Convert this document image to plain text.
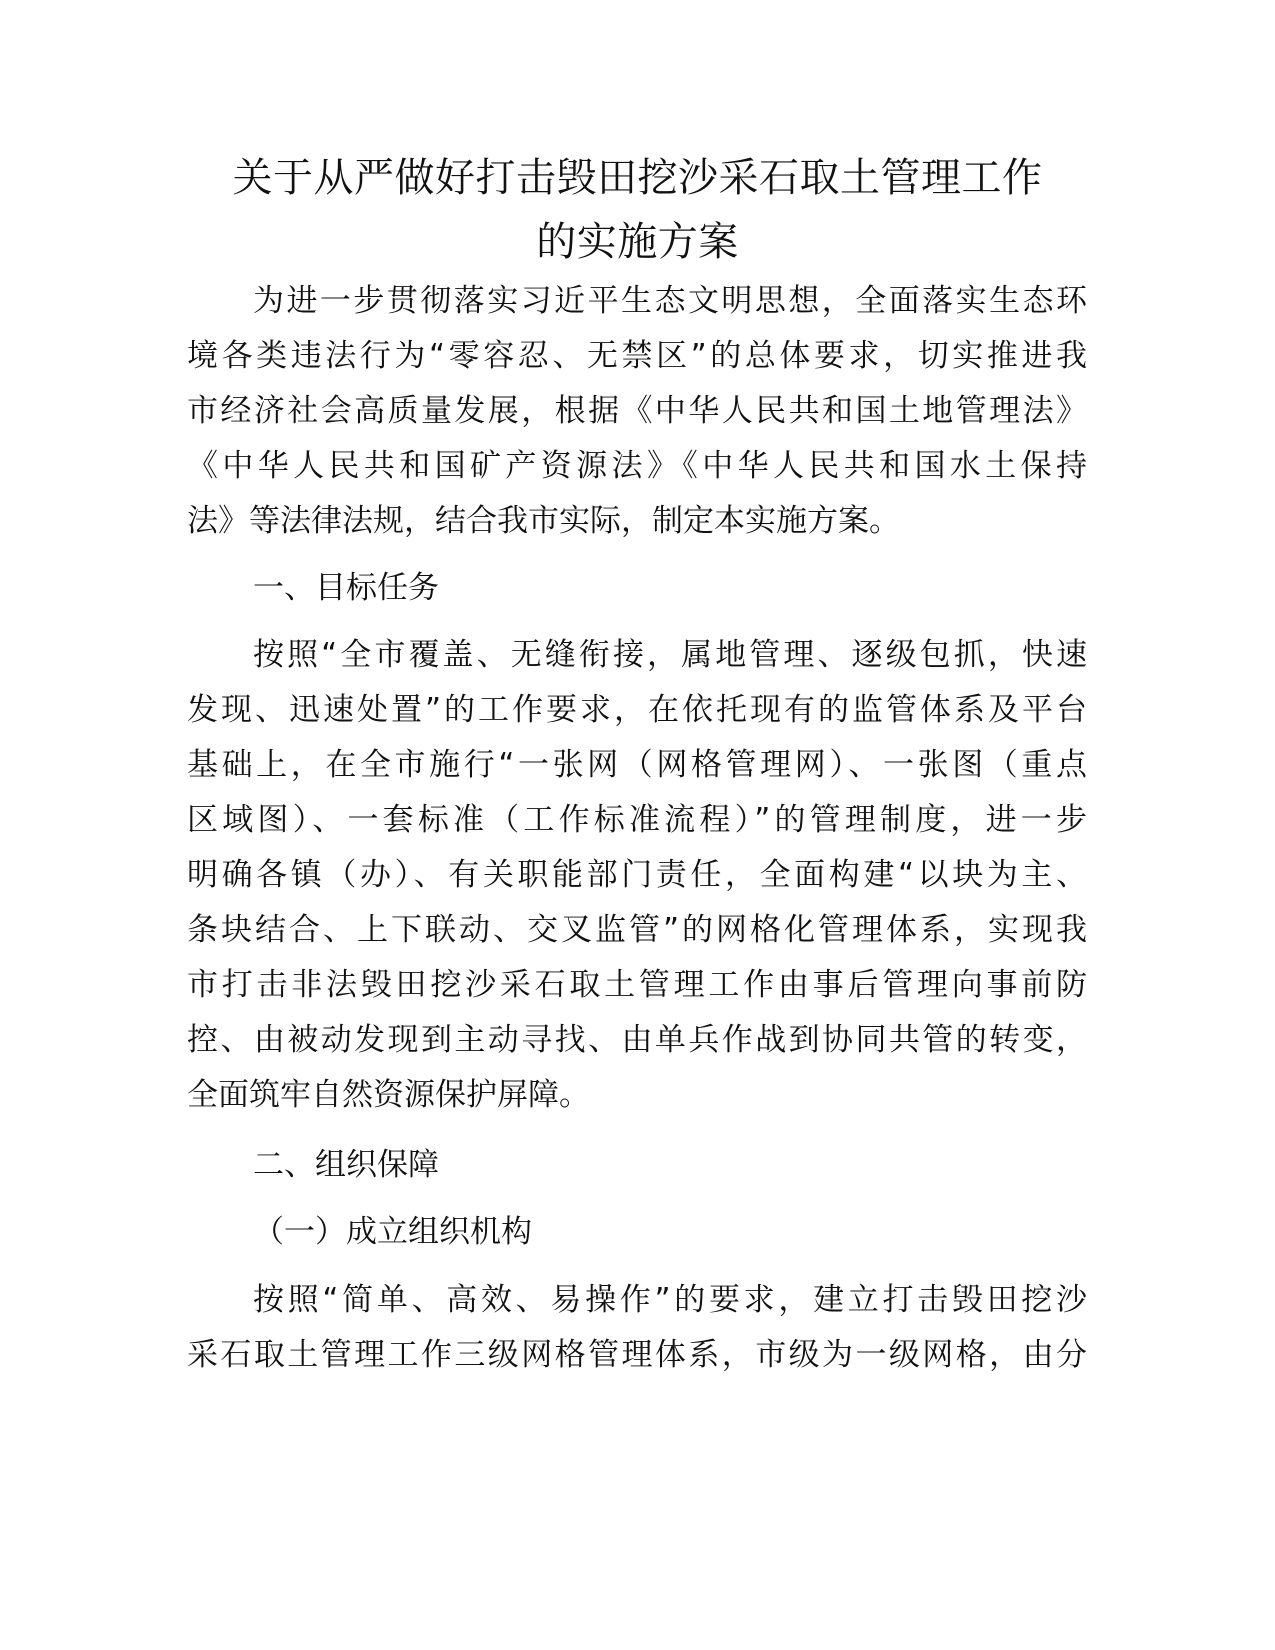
关于从严做好打击毁田挖沙采石取土管理工作
的实施方案
为进一步贯彻落实习近平生态文明思想，全面落实生态环
境各类违法行为“零容忍、无禁区”的总体要求，切实推进我
市经济社会高质量发展，根据《中华人民共和国土地管理法》
《中华人民共和国矿产资源法》《中华人民共和国水土保持
法》等法律法规，结合我市实际，制定本实施方案。
一、目标任务
按照“全市覆盖、无缝衔接，属地管理、逐级包抓，快速
发现、迅速处置”的工作要求，在依托现有的监管体系及平台
基础上，在全市施行“一张网（网格管理网）、一张图（重点
区域图）、一套标准（工作标准流程）”的管理制度，进一步
明确各镇（办）、有关职能部门责任，全面构建“以块为主、
条块结合、上下联动、交叉监管”的网格化管理体系，实现我
市打击非法毁田挖沙采石取土管理工作由事后管理向事前防
控、由被动发现到主动寻找、由单兵作战到协同共管的转变，
全面筑牢自然资源保护屏障。
二、组织保障
（一）成立组织机构
按照“简单、高效、易操作”的要求，建立打击毁田挖沙
采石取土管理工作三级网格管理体系，市级为一级网格，由分
